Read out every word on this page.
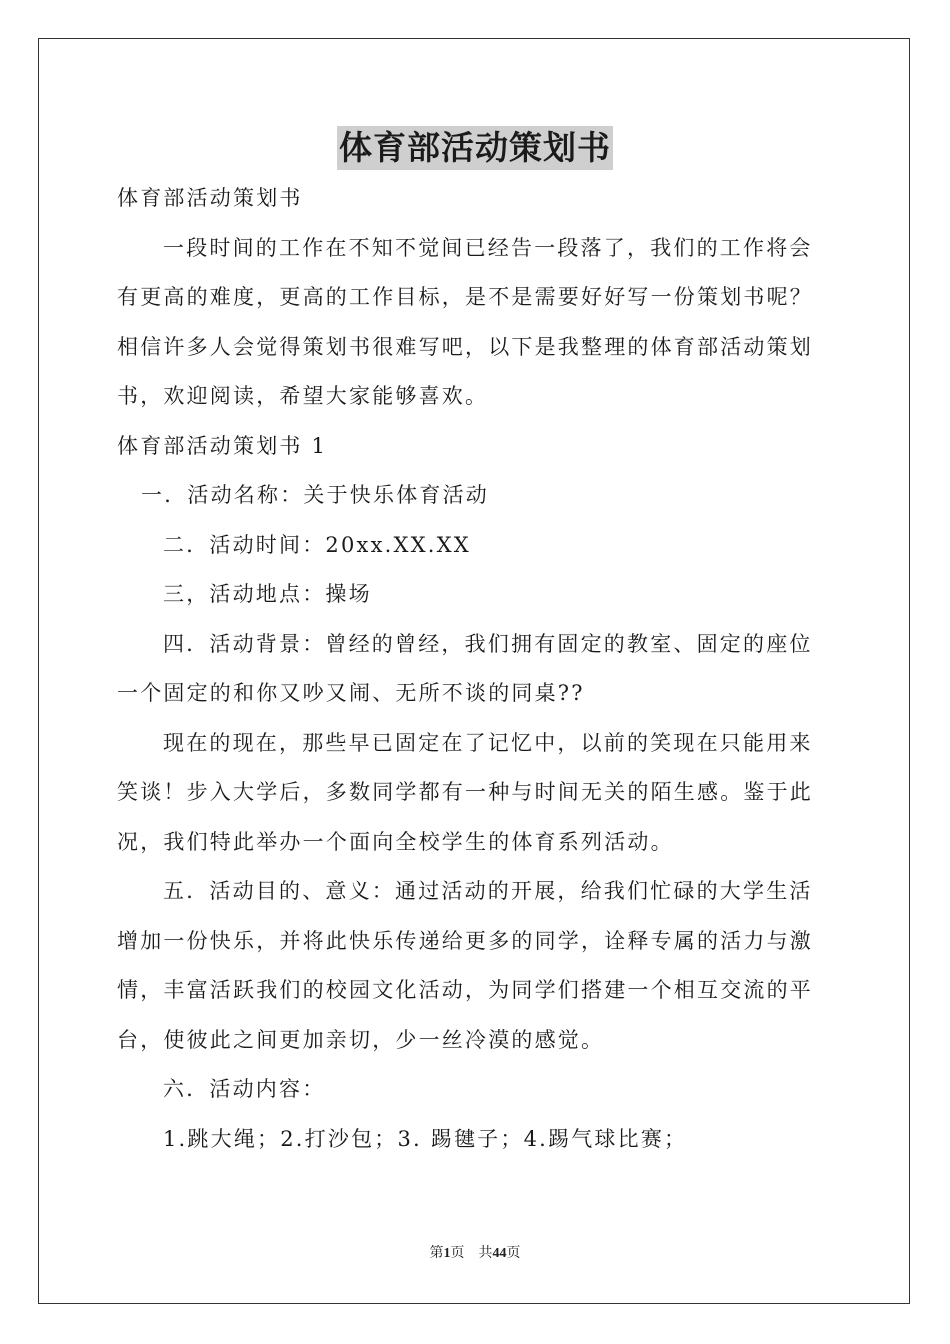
体育部活动策划书

体育部活动策划书

一段时间的工作在不知不觉间已经告一段落了，我们的工作将会有更高的难度，更高的工作目标，是不是需要好好写一份策划书呢？相信许多人会觉得策划书很难写吧，以下是我整理的体育部活动策划书，欢迎阅读，希望大家能够喜欢。

体育部活动策划书 1

一．活动名称：关于快乐体育活动

二．活动时间：20xx.XX.XX

三，活动地点：操场

四．活动背景：曾经的曾经，我们拥有固定的教室、固定的座位一个固定的和你又吵又闹、无所不谈的同桌??

现在的现在，那些早已固定在了记忆中，以前的笑现在只能用来笑谈！步入大学后，多数同学都有一种与时间无关的陌生感。鉴于此况，我们特此举办一个面向全校学生的体育系列活动。

五．活动目的、意义：通过活动的开展，给我们忙碌的大学生活增加一份快乐，并将此快乐传递给更多的同学，诠释专属的活力与激情，丰富活跃我们的校园文化活动，为同学们搭建一个相互交流的平台，使彼此之间更加亲切，少一丝冷漠的感觉。

六．活动内容：

1.跳大绳；2.打沙包；3. 踢毽子；4.踢气球比赛；

第1页 共44页
